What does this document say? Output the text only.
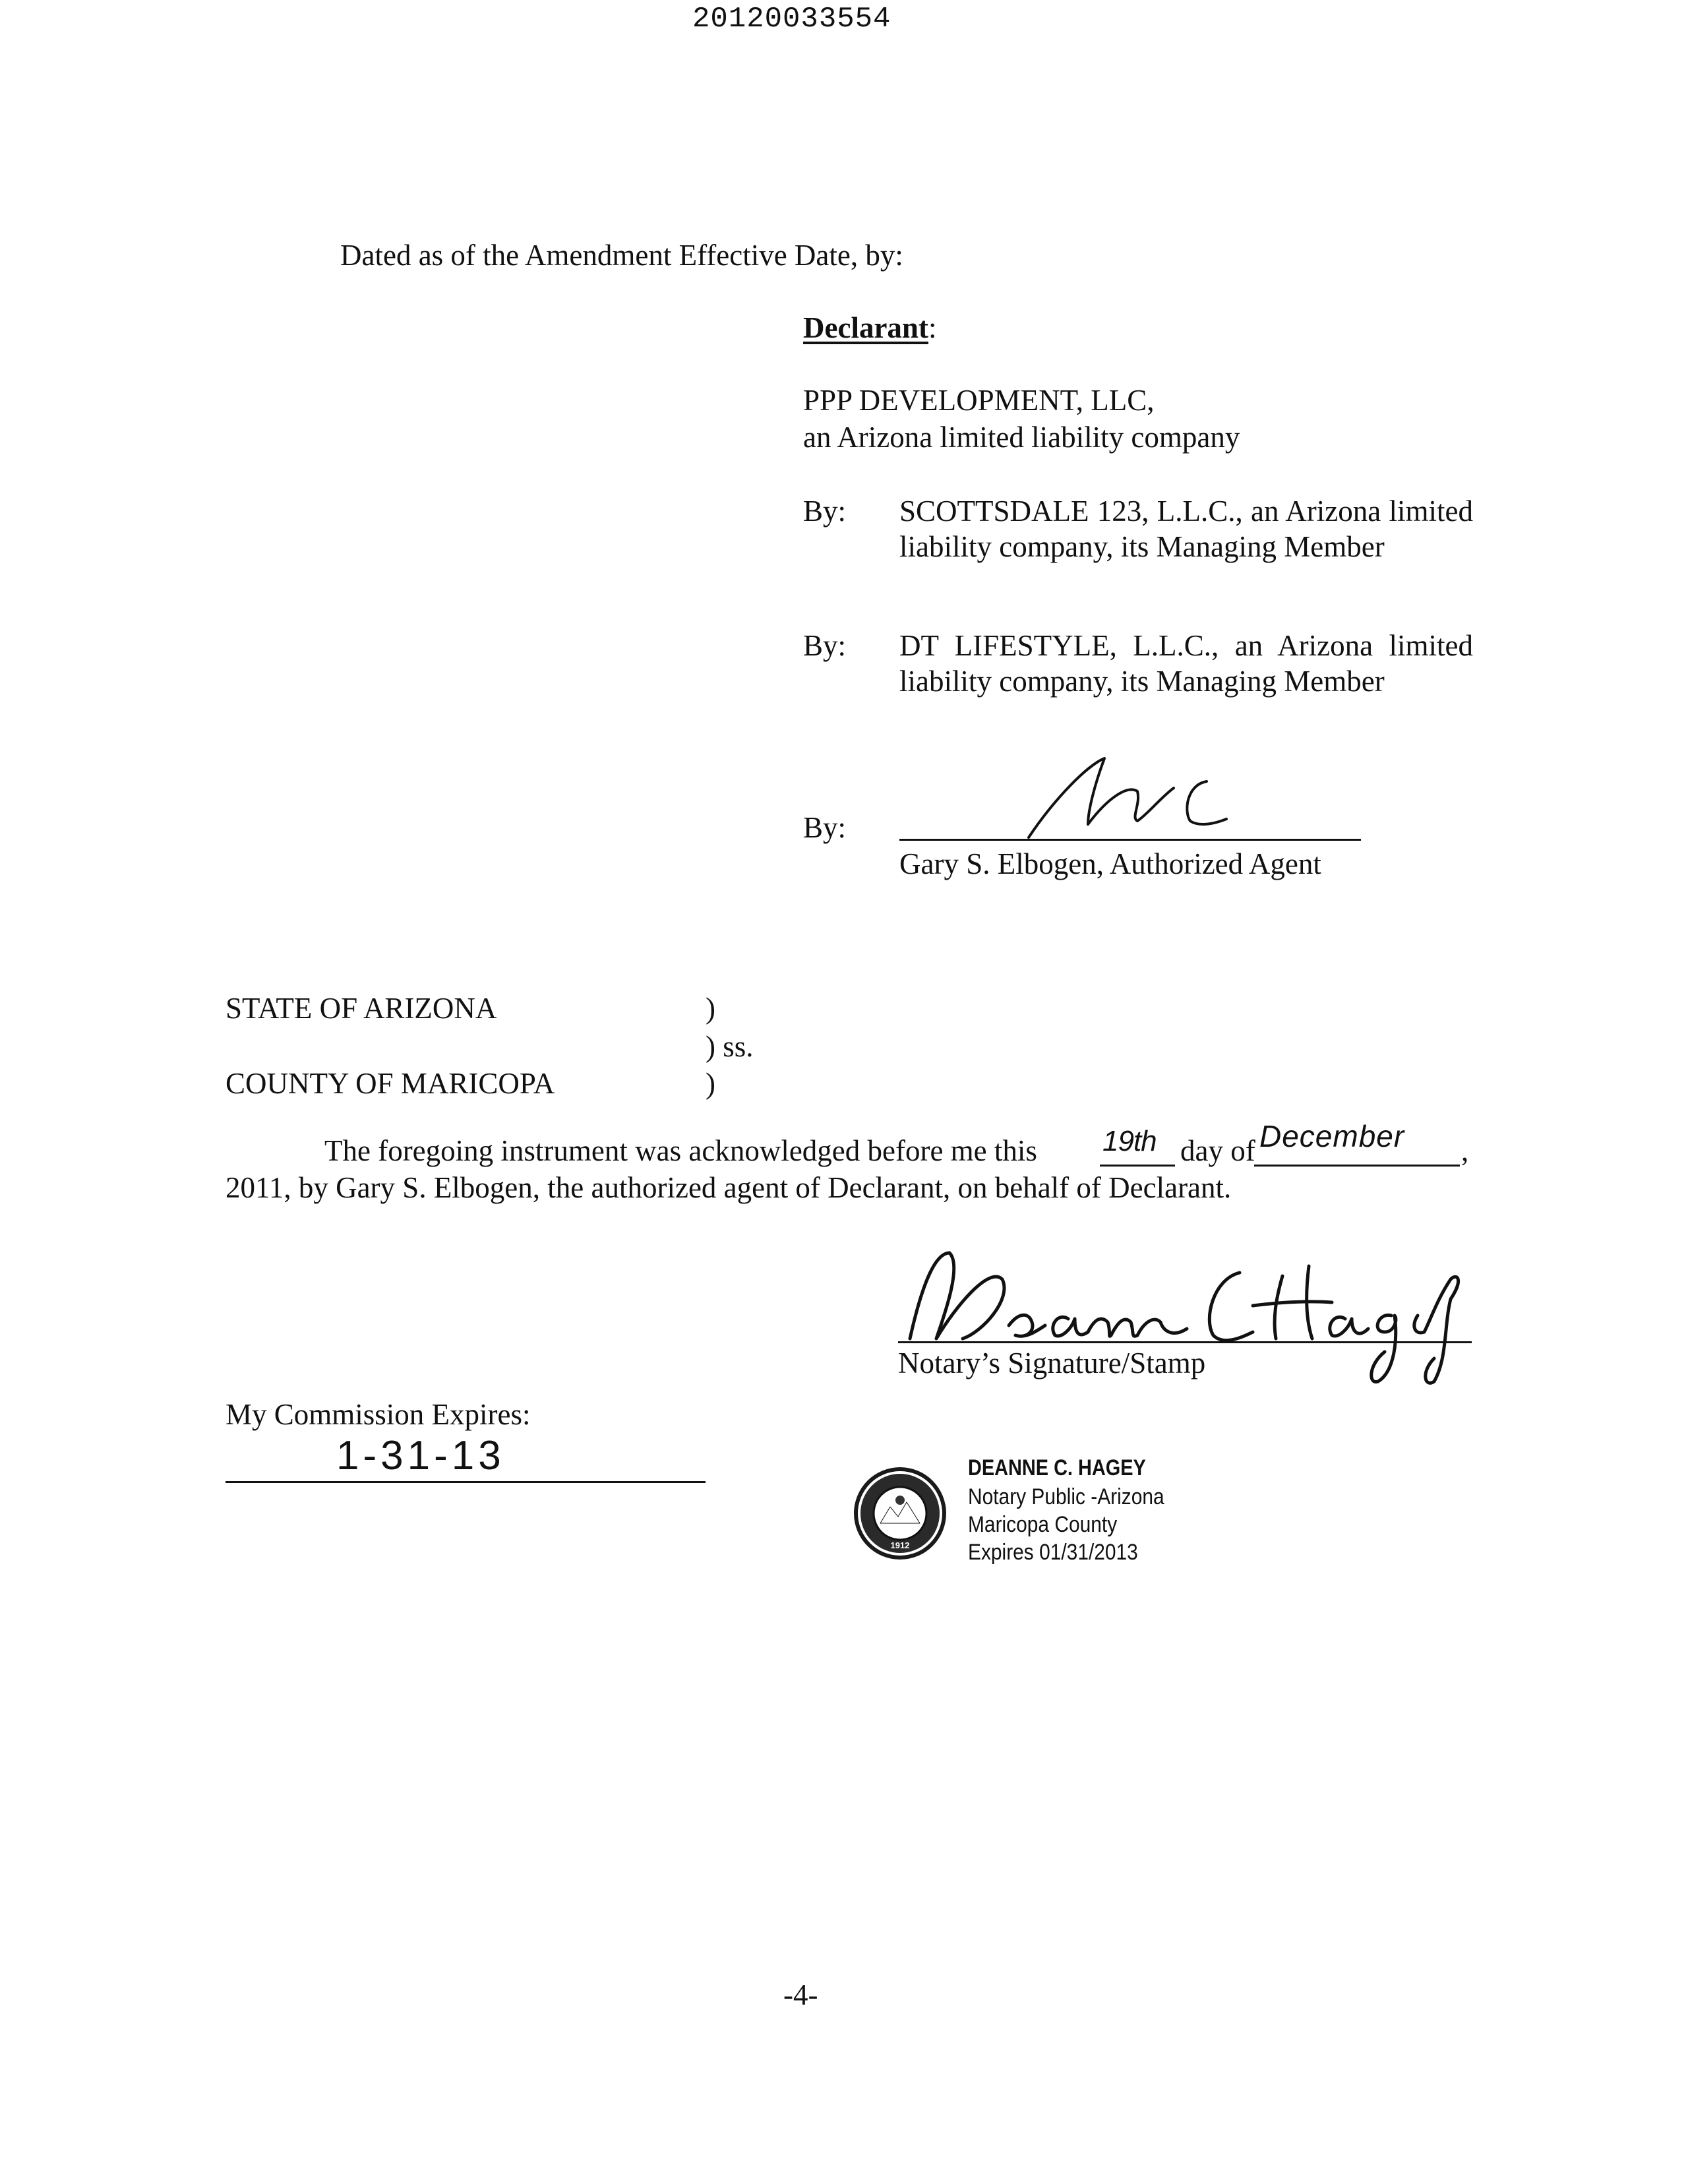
20120033554
Dated as of the Amendment Effective Date, by:
Declarant:
PPP DEVELOPMENT, LLC,
an Arizona limited liability company
By: SCOTTSDALE 123, L.L.C., an Arizona limited liability company, its Managing Member
By: DT LIFESTYLE, L.L.C., an Arizona limited liability company, its Managing Member
By:
Gary S. Elbogen, Authorized Agent
STATE OF ARIZONA	)
) ss.
COUNTY OF MARICOPA	)
The foregoing instrument was acknowledged before me this 19th day of December ,
2011, by Gary S. Elbogen, the authorized agent of Declarant, on behalf of Declarant.
Notary’s Signature/Stamp
My Commission Expires:
1-31-13
1912
DEANNE C. HAGEY
Notary Public -Arizona
Maricopa County
Expires 01/31/2013
-4-
